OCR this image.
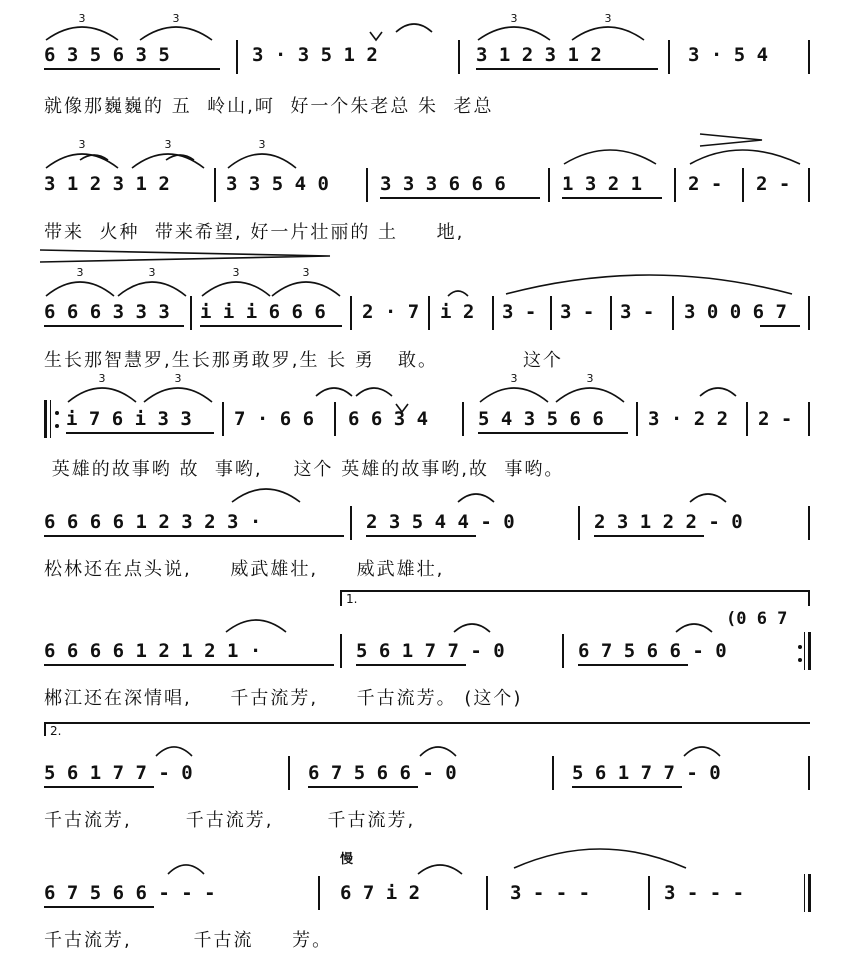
6 3 5 6 3 5	3 · 3 5 1 2	3 1 2 3 1 2	3 · 5 4
就像那巍巍的 五  岭山,呵  好一个朱老总 朱  老总
3 1 2 3 1 2	3 3 5 4 0	3 3 3 6 6 6	1 3 2 1 2 - 2 -
带来  火种  带来希望, 好一片壮丽的 土     地,
6 6 6 3 3 3 i i i 6 6 6 2 · 7 i 2 3 - 3 - 3 - 3 0 0 6 7
生长那智慧罗,生长那勇敢罗,生 长 勇   敢。           这个
i 7 6 i 3 3 7 · 6 6 6 6 3 4	5 4 3 5 6 6 3 · 2 2 2 -
英雄的故事哟 故  事哟,    这个 英雄的故事哟,故  事哟。
6 6 6 6 1 2 3 2 3 ·	2 3 5 4 4 - 0	2 3 1 2 2 - 0
松林还在点头说,     威武雄壮,     威武雄壮,
1.
(0 6 7
6 6 6 6 1 2 1 2 1 ·	5 6 1 7 7 - 0	6 7 5 6 6 - 0
郴江还在深情唱,     千古流芳,     千古流芳。 (这个)
2.
5 6 1 7 7 - 0	6 7 5 6 6 - 0	5 6 1 7 7 - 0
千古流芳,       千古流芳,       千古流芳,
慢
6 7 5 6 6 - - -	6 7 i 2	3 - - -	3 - - -
千古流芳,        千古流     芳。
3	3	3	3
3	3	3
3	3	3	3
3	3	3	3
